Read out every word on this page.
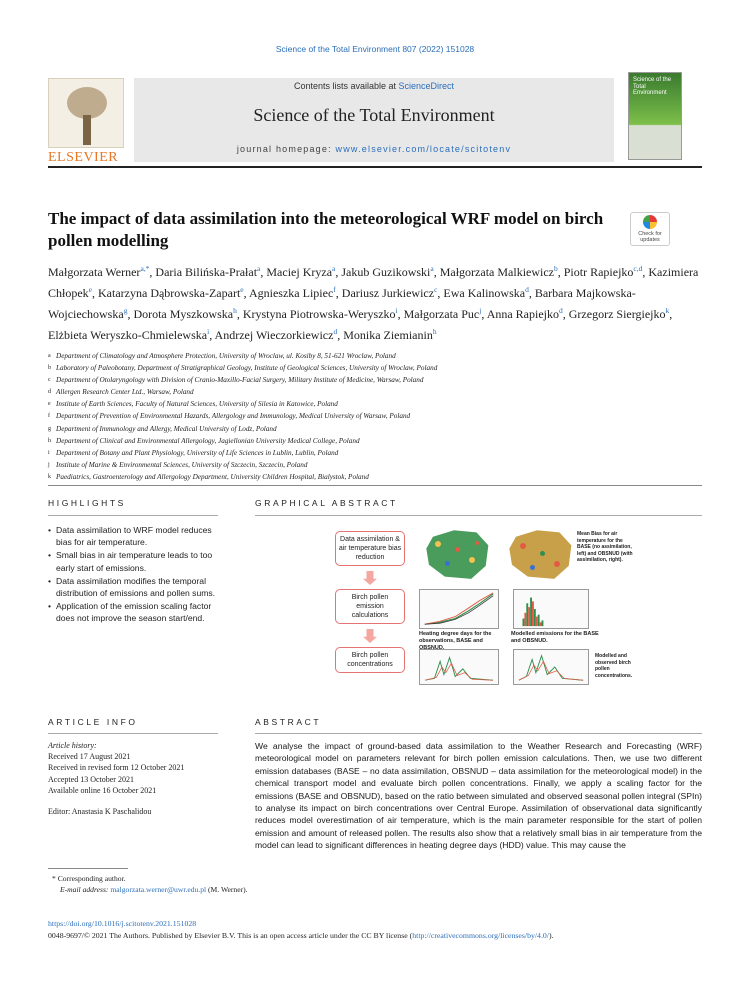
Science of the Total Environment 807 (2022) 151028
ELSEVIER
Contents lists available at ScienceDirect
Science of the Total Environment
journal homepage: www.elsevier.com/locate/scitotenv
Science of the Total Environment
The impact of data assimilation into the meteorological WRF model on birch pollen modelling	Check for updates
Małgorzata Werner$^{a,*}$, Daria Bilińska-Prałat$^a$, Maciej Kryza$^a$, Jakub Guzikowski$^a$, Małgorzata Malkiewicz$^b$, Piotr Rapiejko$^{c,d}$, Kazimiera Chłopek$^e$, Katarzyna Dąbrowska-Zapart$^e$, Agnieszka Lipiec$^f$, Dariusz Jurkiewicz$^c$, Ewa Kalinowska$^d$, Barbara Majkowska-Wojciechowska$^g$, Dorota Myszkowska$^h$, Krystyna Piotrowska-Weryszko$^i$, Małgorzata Puc$^j$, Anna Rapiejko$^d$, Grzegorz Siergiejko$^k$, Elżbieta Weryszko-Chmielewska$^i$, Andrzej Wieczorkiewicz$^d$, Monika Ziemianin$^h$
a Department of Climatology and Atmosphere Protection, University of Wroclaw, ul. Kosiby 8, 51-621 Wroclaw, Poland
b Laboratory of Paleobotany, Department of Stratigraphical Geology, Institute of Geological Sciences, University of Wroclaw, Poland
c Department of Otolaryngology with Division of Cranio-Maxillo-Facial Surgery, Military Institute of Medicine, Warsaw, Poland
d Allergen Research Center Ltd., Warsaw, Poland
e Institute of Earth Sciences, Faculty of Natural Sciences, University of Silesia in Katowice, Poland
f Department of Prevention of Environmental Hazards, Allergology and Immunology, Medical University of Warsaw, Poland
g Department of Immunology and Allergy, Medical University of Lodz, Poland
h Department of Clinical and Environmental Allergology, Jagiellonian University Medical College, Poland
i Department of Botany and Plant Physiology, University of Life Sciences in Lublin, Lublin, Poland
j Institute of Marine & Environmental Sciences, University of Szczecin, Szczecin, Poland
k Paediatrics, Gastroenterology and Allergology Department, University Children Hospital, Bialystok, Poland
HIGHLIGHTS
• Data assimilation to WRF model reduces bias for air temperature.
• Small bias in air temperature leads to too early start of emissions.
• Data assimilation modifies the temporal distribution of emissions and pollen sums.
• Application of the emission scaling factor does not improve the season start/end.
GRAPHICAL ABSTRACT
Data assimilation & air temperature bias reduction
Birch pollen emission calculations
Birch pollen concentrations
Mean Bias for air temperature for the BASE (no assimilation, left) and OBSNUD (with assimilation, right).
Heating degree days for the observations, BASE and OBSNUD.
Modelled emissions for the BASE and OBSNUD.
Modelled and observed birch pollen concentrations.
ARTICLE INFO	ABSTRACT
Article history:
Received 17 August 2021
Received in revised form 12 October 2021
Accepted 13 October 2021
Available online 16 October 2021
Editor: Anastasia K Paschalidou

We analyse the impact of ground-based data assimilation to the Weather Research and Forecasting (WRF) meteorological model on parameters relevant for birch pollen emission calculations. Then, we use two different emission databases (BASE – no data assimilation, OBSNUD – data assimilation for the meteorological model) in the chemical transport model and evaluate birch pollen concentrations. Finally, we apply a scaling factor for the emissions (BASE and OBSNUD), based on the ratio between simulated and observed seasonal pollen integral (SPIn) to analyse its impact on birch concentrations over Central Europe. Assimilation of observational data significantly reduces model overestimation of air temperature, which is the main parameter responsible for the start of pollen emission and amount of released pollen. The results also show that a relatively small bias in air temperature from the model can lead to significant differences in heating degree days (HDD) value. This may cause the

* Corresponding author.
E-mail address: malgorzata.werner@uwr.edu.pl (M. Werner).
https://doi.org/10.1016/j.scitotenv.2021.151028
0048-9697/© 2021 The Authors. Published by Elsevier B.V. This is an open access article under the CC BY license (http://creativecommons.org/licenses/by/4.0/).
